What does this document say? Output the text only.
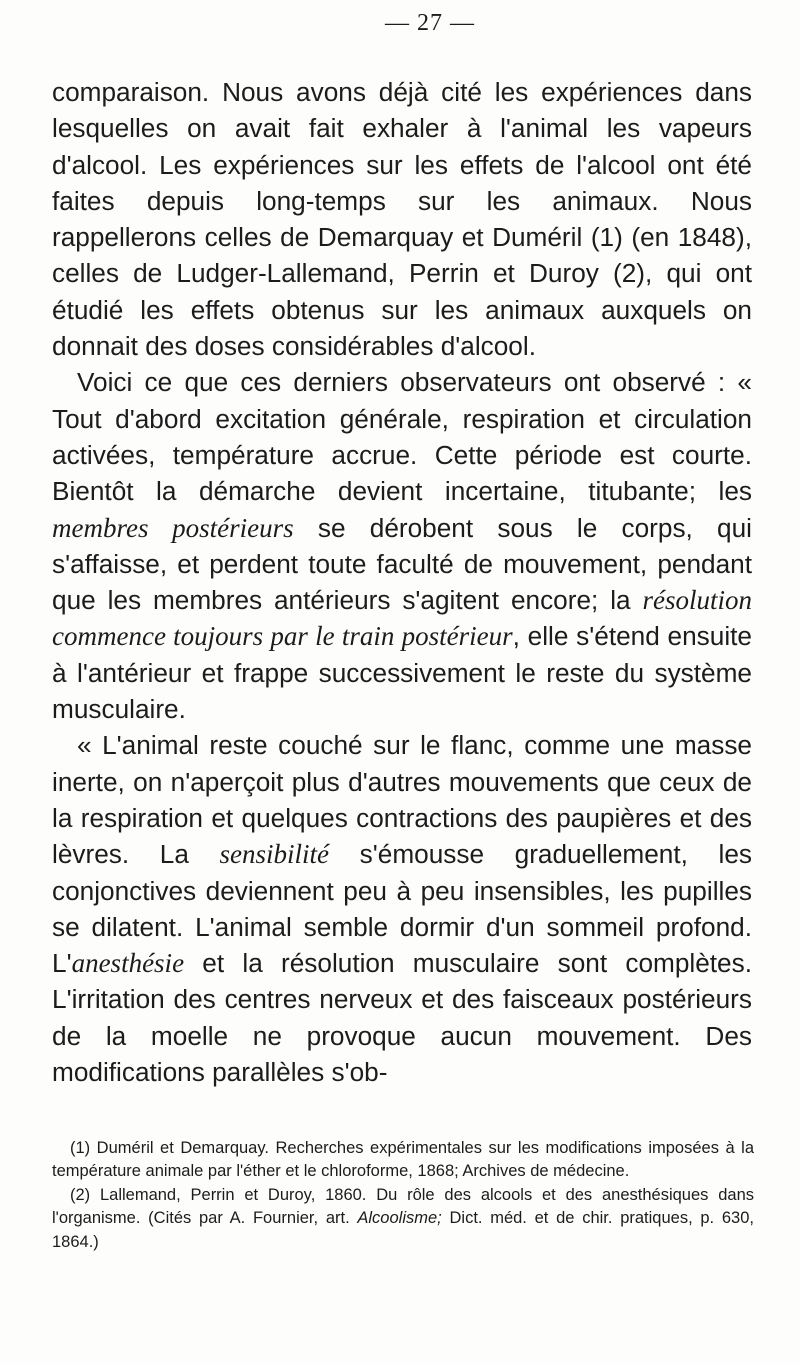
— 27 —

comparaison. Nous avons déjà cité les expériences dans lesquelles on avait fait exhaler à l'animal les vapeurs d'alcool. Les expériences sur les effets de l'alcool ont été faites depuis long-temps sur les animaux. Nous rappellerons celles de Demarquay et Duméril (1) (en 1848), celles de Ludger-Lallemand, Perrin et Duroy (2), qui ont étudié les effets obtenus sur les animaux auxquels on donnait des doses considérables d'alcool.

Voici ce que ces derniers observateurs ont observé : « Tout d'abord excitation générale, respiration et circulation activées, température accrue. Cette période est courte. Bientôt la démarche devient incertaine, titubante; les membres postérieurs se dérobent sous le corps, qui s'affaisse, et perdent toute faculté de mouvement, pendant que les membres antérieurs s'agitent encore; la résolution commence toujours par le train postérieur, elle s'étend ensuite à l'antérieur et frappe successivement le reste du système musculaire.

« L'animal reste couché sur le flanc, comme une masse inerte, on n'aperçoit plus d'autres mouvements que ceux de la respiration et quelques contractions des paupières et des lèvres. La sensibilité s'émousse graduellement, les conjonctives deviennent peu à peu insensibles, les pupilles se dilatent. L'animal semble dormir d'un sommeil profond. L'anesthésie et la résolution musculaire sont complètes. L'irritation des centres nerveux et des faisceaux postérieurs de la moelle ne provoque aucun mouvement. Des modifications parallèles s'ob-

(1) Duméril et Demarquay. Recherches expérimentales sur les modifications imposées à la température animale par l'éther et le chloroforme, 1868; Archives de médecine.

(2) Lallemand, Perrin et Duroy, 1860. Du rôle des alcools et des anesthésiques dans l'organisme. (Cités par A. Fournier, art. Alcoolisme; Dict. méd. et de chir. pratiques, p. 630, 1864.)
